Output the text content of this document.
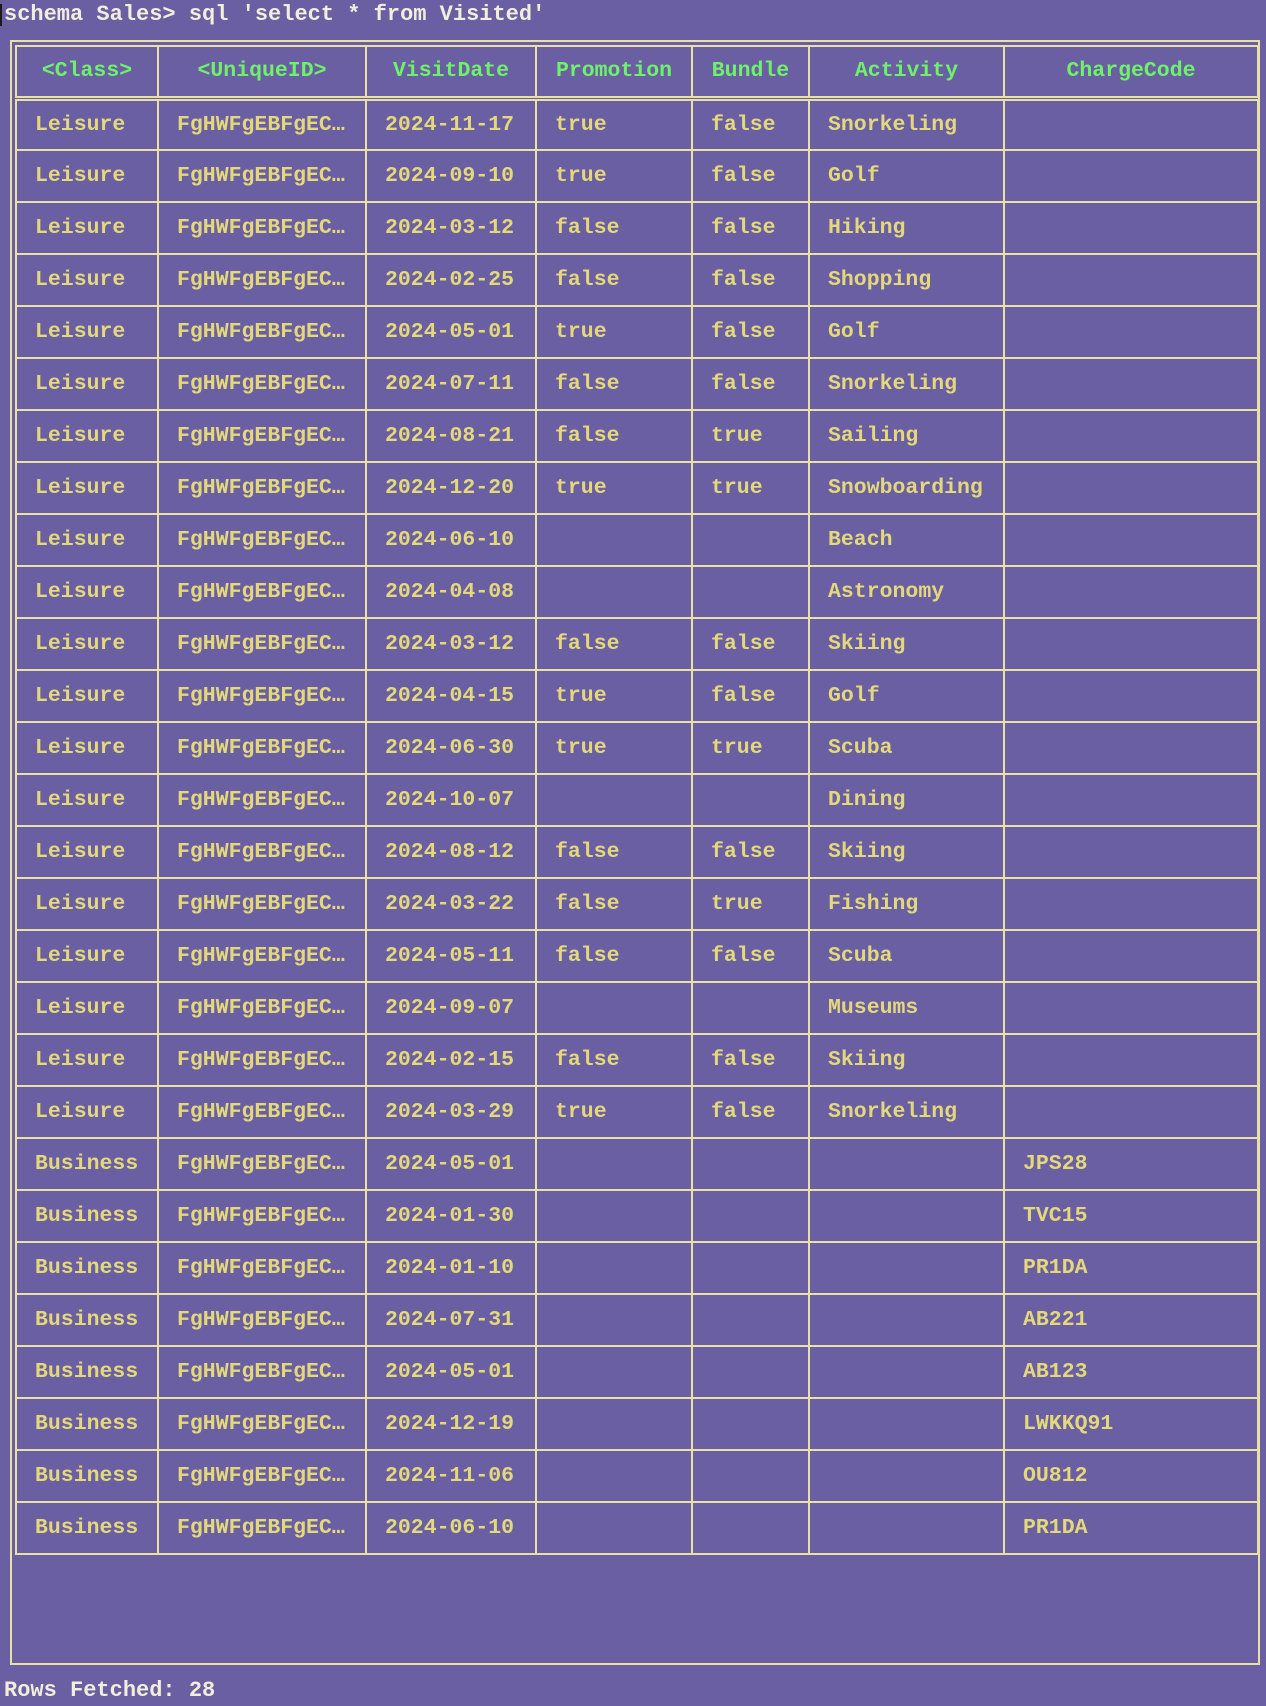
schema Sales> sql 'select * from Visited'
<Class>	<UniqueID>	VisitDate	Promotion	Bundle	Activity	ChargeCode
Leisure	FgHWFgEBFgEC…	2024-11-17	true	false	Snorkeling	
Leisure	FgHWFgEBFgEC…	2024-09-10	true	false	Golf	
Leisure	FgHWFgEBFgEC…	2024-03-12	false	false	Hiking	
Leisure	FgHWFgEBFgEC…	2024-02-25	false	false	Shopping	
Leisure	FgHWFgEBFgEC…	2024-05-01	true	false	Golf	
Leisure	FgHWFgEBFgEC…	2024-07-11	false	false	Snorkeling	
Leisure	FgHWFgEBFgEC…	2024-08-21	false	true	Sailing	
Leisure	FgHWFgEBFgEC…	2024-12-20	true	true	Snowboarding	
Leisure	FgHWFgEBFgEC…	2024-06-10			Beach	
Leisure	FgHWFgEBFgEC…	2024-04-08			Astronomy	
Leisure	FgHWFgEBFgEC…	2024-03-12	false	false	Skiing	
Leisure	FgHWFgEBFgEC…	2024-04-15	true	false	Golf	
Leisure	FgHWFgEBFgEC…	2024-06-30	true	true	Scuba	
Leisure	FgHWFgEBFgEC…	2024-10-07			Dining	
Leisure	FgHWFgEBFgEC…	2024-08-12	false	false	Skiing	
Leisure	FgHWFgEBFgEC…	2024-03-22	false	true	Fishing	
Leisure	FgHWFgEBFgEC…	2024-05-11	false	false	Scuba	
Leisure	FgHWFgEBFgEC…	2024-09-07			Museums	
Leisure	FgHWFgEBFgEC…	2024-02-15	false	false	Skiing	
Leisure	FgHWFgEBFgEC…	2024-03-29	true	false	Snorkeling	
Business	FgHWFgEBFgEC…	2024-05-01				JPS28
Business	FgHWFgEBFgEC…	2024-01-30				TVC15
Business	FgHWFgEBFgEC…	2024-01-10				PR1DA
Business	FgHWFgEBFgEC…	2024-07-31				AB221
Business	FgHWFgEBFgEC…	2024-05-01				AB123
Business	FgHWFgEBFgEC…	2024-12-19				LWKKQ91
Business	FgHWFgEBFgEC…	2024-11-06				OU812
Business	FgHWFgEBFgEC…	2024-06-10				PR1DA
Rows Fetched: 28
